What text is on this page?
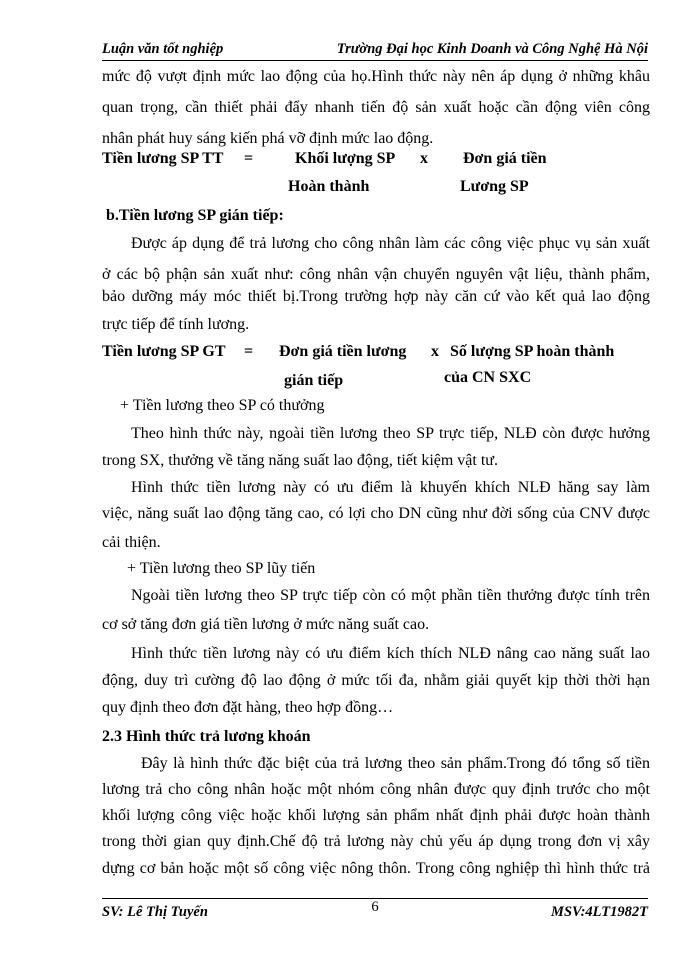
Luận văn tốt nghiệp	Trường Đại học Kinh Doanh và Công Nghệ Hà Nội
mức độ vượt định mức lao động của họ.Hình thức này nên áp dụng ở những khâu
quan trọng, cần thiết phải đẩy nhanh tiến độ sản xuất hoặc cần động viên công
nhân phát huy sáng kiến phá vỡ định mức lao động.
Tiền lương SP TT =	Khối lượng SP x Đơn giá tiền
Hoàn thành	Lương SP
b.Tiền lương SP gián tiếp:
Được áp dụng để trả lương cho công nhân làm các công việc phục vụ sản xuất
ở các bộ phận sản xuất như: công nhân vận chuyển nguyên vật liệu, thành phẩm,
bảo dưỡng máy móc thiết bị.Trong trường hợp này căn cứ vào kết quả lao động
trực tiếp để tính lương.
Tiền lương SP GT = Đơn giá tiền lương x Số lượng SP hoàn thành
gián tiếp	của CN SXC
+ Tiền lương theo SP có thưởng
Theo hình thức này, ngoài tiền lương theo SP trực tiếp, NLĐ còn được hưởng
trong SX, thưởng về tăng năng suất lao động, tiết kiệm vật tư.
Hình thức tiền lương này có ưu điểm là khuyến khích NLĐ hăng say làm
việc, năng suất lao động tăng cao, có lợi cho DN cũng như đời sống của CNV được
cải thiện.
+ Tiền lương theo SP lũy tiến
Ngoài tiền lương theo SP trực tiếp còn có một phần tiền thưởng được tính trên
cơ sở tăng đơn giá tiền lương ở mức năng suất cao.
Hình thức tiền lương này có ưu điểm kích thích NLĐ nâng cao năng suất lao
động, duy trì cường độ lao động ở mức tối đa, nhằm giải quyết kịp thời thời hạn
quy định theo đơn đặt hàng, theo hợp đồng…
2.3 Hình thức trả lương khoán
Đây là hình thức đặc biệt của trả lương theo sản phẩm.Trong đó tổng số tiền
lương trả cho công nhân hoặc một nhóm công nhân được quy định trước cho một
khối lượng công việc hoặc khối lượng sản phẩm nhất định phải được hoàn thành
trong thời gian quy định.Chế độ trả lương này chủ yếu áp dụng trong đơn vị xây
dựng cơ bản hoặc một số công việc nông thôn. Trong công nghiệp thì hình thức trả
SV: Lê Thị Tuyến	6	MSV:4LT1982T
